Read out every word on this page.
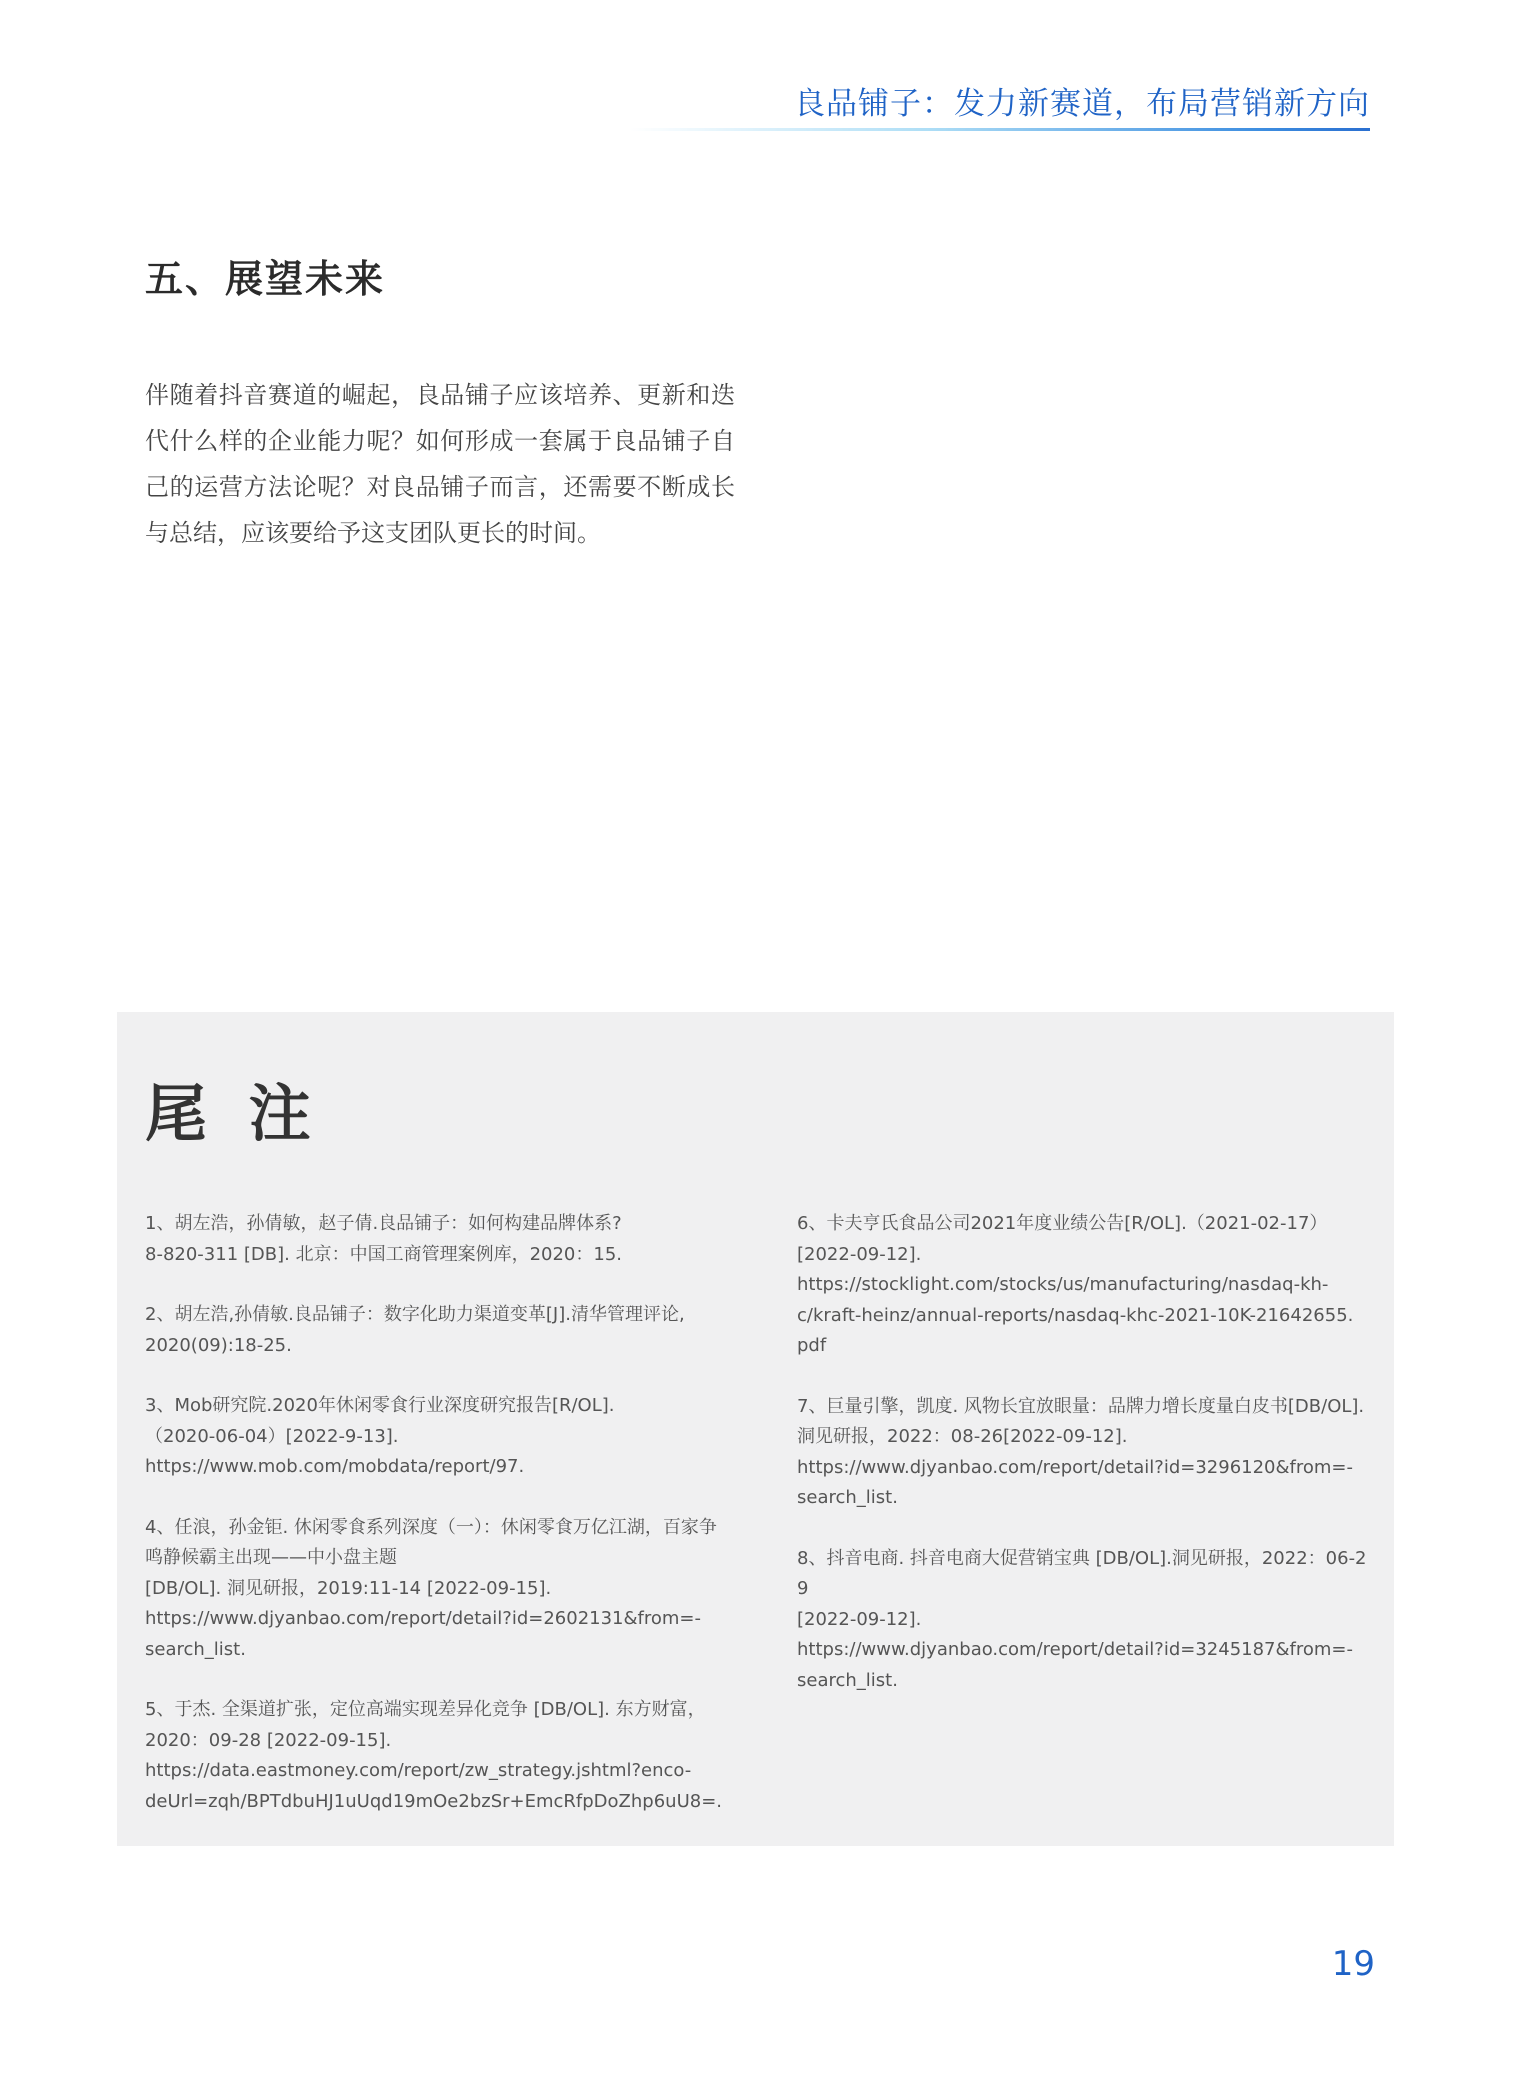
良品铺子：发力新赛道，布局营销新方向
五、展望未来

伴随着抖音赛道的崛起，良品铺子应该培养、更新和迭代什么样的企业能力呢？如何形成一套属于良品铺子自己的运营方法论呢？对良品铺子而言，还需要不断成长与总结，应该要给予这支团队更长的时间。

尾 注

1、胡左浩，孙倩敏，赵子倩.良品铺子：如何构建品牌体系?
8-820-311 [DB]. 北京：中国工商管理案例库，2020：15.

2、胡左浩,孙倩敏.良品铺子：数字化助力渠道变革[J].清华管理评论,
2020(09):18-25.

3、Mob研究院.2020年休闲零食行业深度研究报告[R/OL].
（2020-06-04）[2022-9-13].
https://www.mob.com/mobdata/report/97.

4、任浪，孙金钜. 休闲零食系列深度（一）：休闲零食万亿江湖，百家争
鸣静候霸主出现——中小盘主题
[DB/OL]. 洞见研报，2019:11-14 [2022-09-15].
https://www.djyanbao.com/report/detail?id=2602131&from=-
search_list.

5、于杰. 全渠道扩张，定位高端实现差异化竞争 [DB/OL]. 东方财富，
2020：09-28 [2022-09-15].
https://data.eastmoney.com/report/zw_strategy.jshtml?enco-
deUrl=zqh/BPTdbuHJ1uUqd19mOe2bzSr+EmcRfpDoZhp6uU8=.

6、卡夫亨氏食品公司2021年度业绩公告[R/OL].（2021-02-17）
[2022-09-12].
https://stocklight.com/stocks/us/manufacturing/nasdaq-kh-
c/kraft-heinz/annual-reports/nasdaq-khc-2021-10K-21642655.
pdf

7、巨量引擎，凯度. 风物长宜放眼量：品牌力增长度量白皮书[DB/OL].
洞见研报，2022：08-26[2022-09-12].
https://www.djyanbao.com/report/detail?id=3296120&from=-
search_list.

8、抖音电商. 抖音电商大促营销宝典 [DB/OL].洞见研报，2022：06-29
[2022-09-12].
https://www.djyanbao.com/report/detail?id=3245187&from=-
search_list.

19
